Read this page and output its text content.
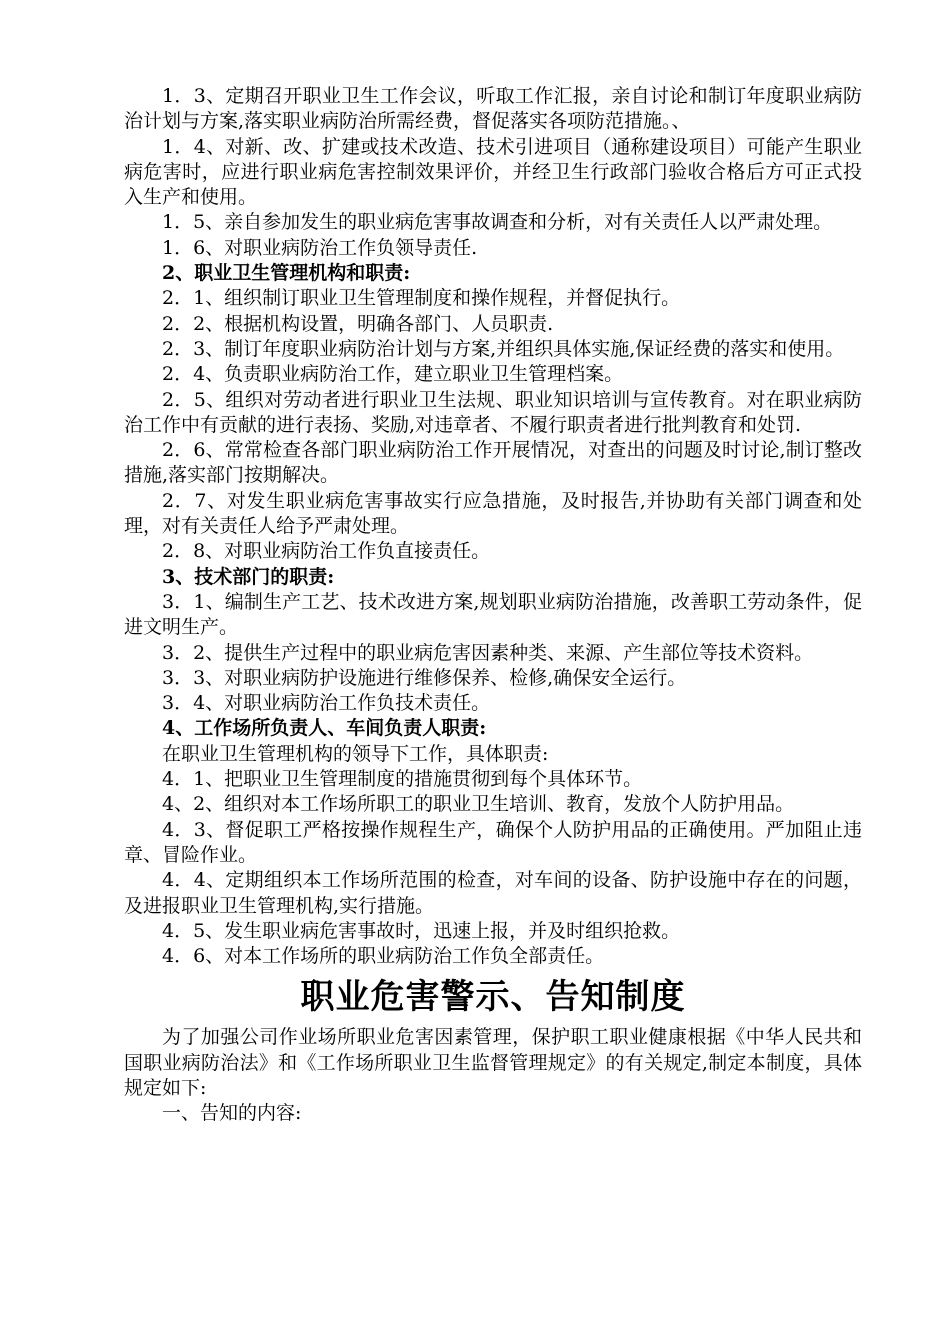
1．3、定期召开职业卫生工作会议，听取工作汇报，亲自讨论和制订年度职业病防治计划与方案,落实职业病防治所需经费，督促落实各项防范措施。、

1．4、对新、改、扩建或技术改造、技术引进项目（通称建设项目）可能产生职业病危害时，应进行职业病危害控制效果评价，并经卫生行政部门验收合格后方可正式投入生产和使用。

1．5、亲自参加发生的职业病危害事故调查和分析，对有关责任人以严肃处理。

1．6、对职业病防治工作负领导责任.

2、职业卫生管理机构和职责:

2．1、组织制订职业卫生管理制度和操作规程，并督促执行。

2．2、根据机构设置，明确各部门、人员职责.

2．3、制订年度职业病防治计划与方案,并组织具体实施,保证经费的落实和使用。

2．4、负责职业病防治工作，建立职业卫生管理档案。

2．5、组织对劳动者进行职业卫生法规、职业知识培训与宣传教育。对在职业病防治工作中有贡献的进行表扬、奖励,对违章者、不履行职责者进行批判教育和处罚.

2．6、常常检查各部门职业病防治工作开展情况，对查出的问题及时讨论,制订整改措施,落实部门按期解决。

2．7、对发生职业病危害事故实行应急措施，及时报告,并协助有关部门调查和处理，对有关责任人给予严肃处理。

2．8、对职业病防治工作负直接责任。

3、技术部门的职责:

3．1、编制生产工艺、技术改进方案,规划职业病防治措施，改善职工劳动条件，促进文明生产。

3．2、提供生产过程中的职业病危害因素种类、来源、产生部位等技术资料。

3．3、对职业病防护设施进行维修保养、检修,确保安全运行。

3．4、对职业病防治工作负技术责任。

4、工作场所负责人、车间负责人职责:

在职业卫生管理机构的领导下工作，具体职责:

4．1、把职业卫生管理制度的措施贯彻到每个具体环节。

4、2、组织对本工作场所职工的职业卫生培训、教育，发放个人防护用品。

4．3、督促职工严格按操作规程生产，确保个人防护用品的正确使用。严加阻止违章、冒险作业。

4．4、定期组织本工作场所范围的检查，对车间的设备、防护设施中存在的问题，及进报职业卫生管理机构,实行措施。

4．5、发生职业病危害事故时，迅速上报，并及时组织抢救。

4．6、对本工作场所的职业病防治工作负全部责任。

职业危害警示、告知制度

为了加强公司作业场所职业危害因素管理，保护职工职业健康根据《中华人民共和国职业病防治法》和《工作场所职业卫生监督管理规定》的有关规定,制定本制度，具体规定如下:

一、告知的内容:
